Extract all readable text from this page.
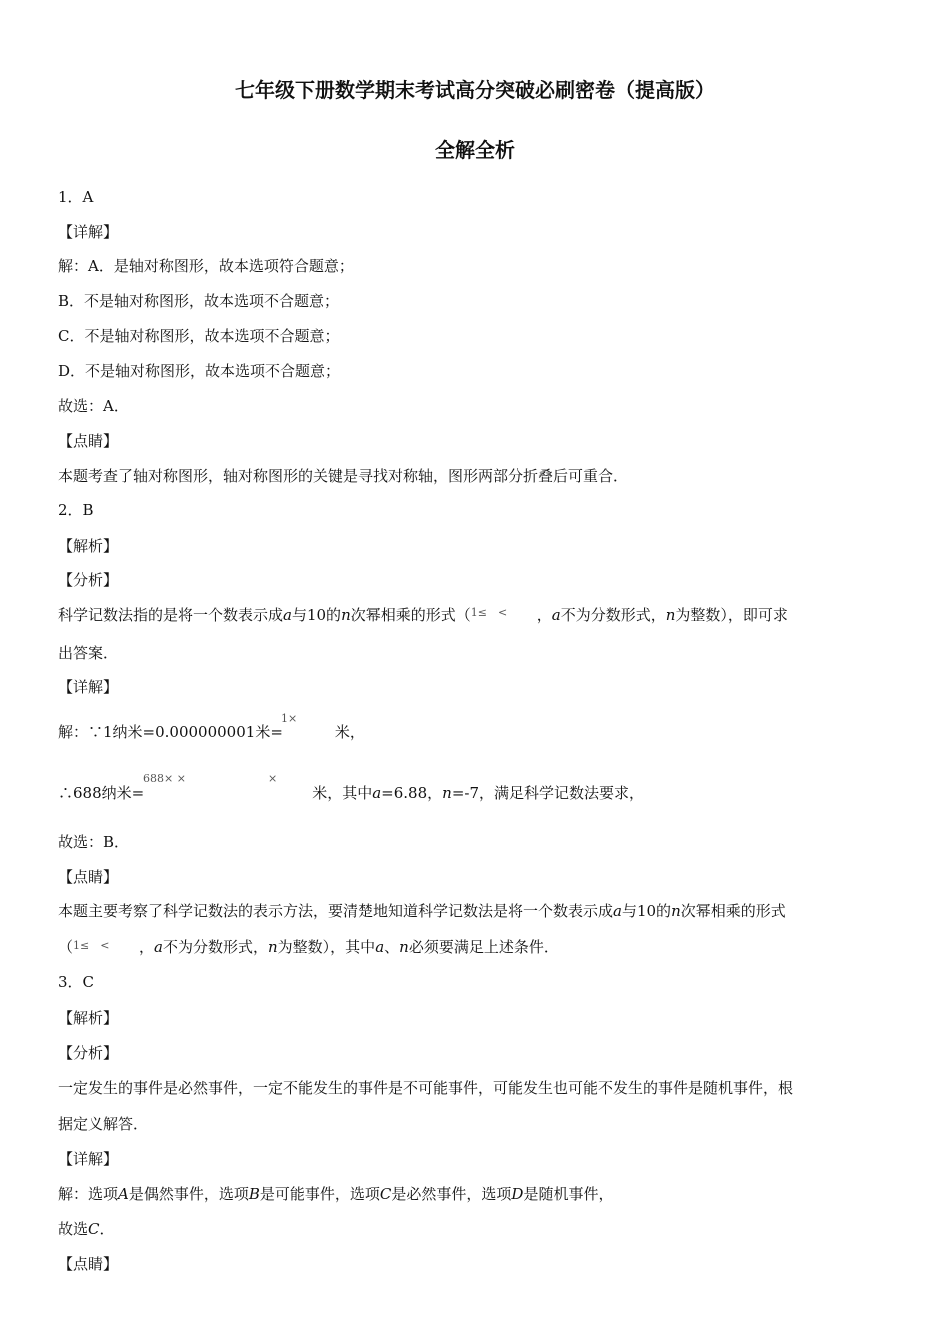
七年级下册数学期末考试高分突破必刷密卷（提高版）
全解全析
1．A
【详解】
解：A．是轴对称图形，故本选项符合题意；
B．不是轴对称图形，故本选项不合题意；
C．不是轴对称图形，故本选项不合题意；
D．不是轴对称图形，故本选项不合题意；
故选：A．
【点睛】
本题考查了轴对称图形，轴对称图形的关键是寻找对称轴，图形两部分折叠后可重合．
2．B
【解析】
【分析】
科学记数法指的是将一个数表示成a与10的n次幂相乘的形式（1≤　< ，a不为分数形式，n为整数），即可求
出答案．
【详解】
解：∵1纳米=0.000000001米=	米，
1×
∴688纳米=	米，其中a=6.88，n=-7，满足科学记数法要求，
688× ×	×
故选：B．
【点睛】
本题主要考察了科学记数法的表示方法，要清楚地知道科学记数法是将一个数表示成a与10的n次幂相乘的形式
（1≤　< ，a不为分数形式，n为整数），其中a、n必须要满足上述条件．
3．C
【解析】
【分析】
一定发生的事件是必然事件，一定不能发生的事件是不可能事件，可能发生也可能不发生的事件是随机事件，根
据定义解答．
【详解】
解：选项A是偶然事件，选项B是可能事件，选项C是必然事件，选项D是随机事件，
故选C．
【点睛】
